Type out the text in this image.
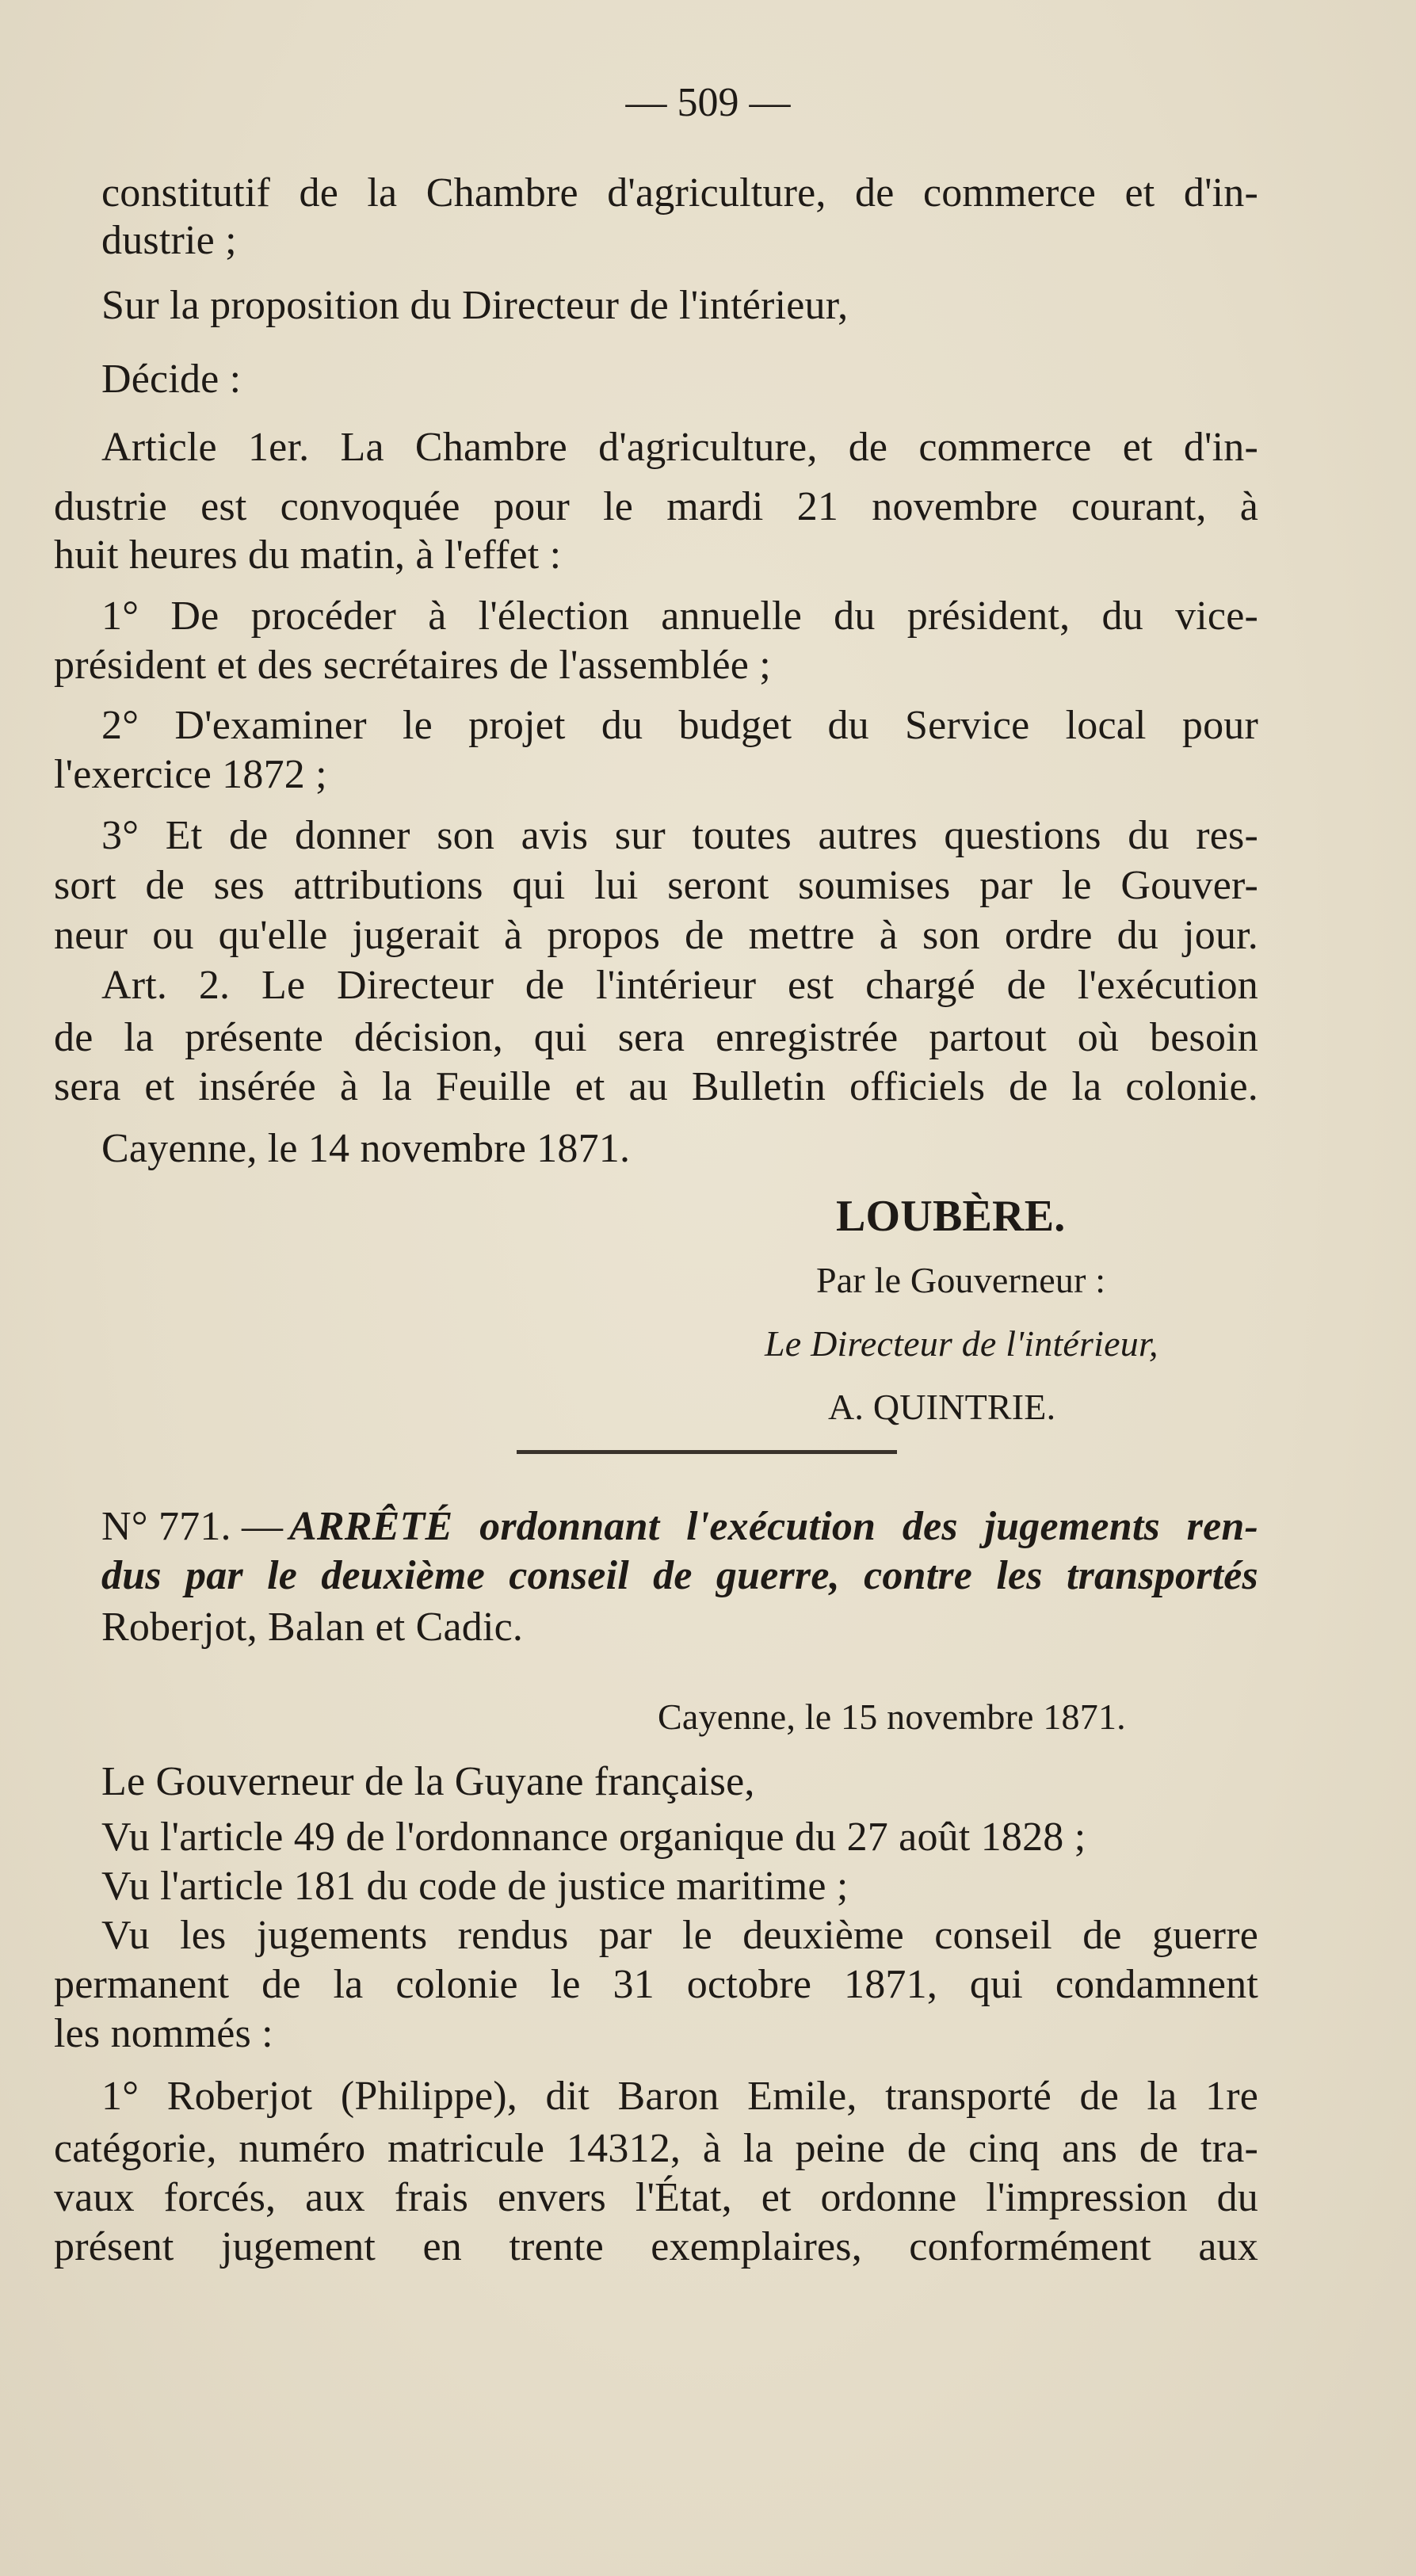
— 509 —
constitutif de la Chambre d'agriculture, de commerce et d'in-
dustrie ;
Sur la proposition du Directeur de l'intérieur,
Décide :
Article 1er. La Chambre d'agriculture, de commerce et d'in-
dustrie est convoquée pour le mardi 21 novembre courant, à
huit heures du matin, à l'effet :
1° De procéder à l'élection annuelle du président, du vice-
président et des secrétaires de l'assemblée ;
2° D'examiner le projet du budget du Service local pour
l'exercice 1872 ;
3° Et de donner son avis sur toutes autres questions du res-
sort de ses attributions qui lui seront soumises par le Gouver-
neur ou qu'elle jugerait à propos de mettre à son ordre du jour.
Art. 2. Le Directeur de l'intérieur est chargé de l'exécution
de la présente décision, qui sera enregistrée partout où besoin
sera et insérée à la Feuille et au Bulletin officiels de la colonie.
Cayenne, le 14 novembre 1871.
LOUBÈRE.
Par le Gouverneur :
Le Directeur de l'intérieur,
A. QUINTRIE.
N° 771. — ARRÊTÉ ordonnant l'exécution des jugements ren-
dus par le deuxième conseil de guerre, contre les transportés
Roberjot, Balan et Cadic.
Cayenne, le 15 novembre 1871.
Le Gouverneur de la Guyane française,
Vu l'article 49 de l'ordonnance organique du 27 août 1828 ;
Vu l'article 181 du code de justice maritime ;
Vu les jugements rendus par le deuxième conseil de guerre
permanent de la colonie le 31 octobre 1871, qui condamnent
les nommés :
1° Roberjot (Philippe), dit Baron Emile, transporté de la 1re
catégorie, numéro matricule 14312, à la peine de cinq ans de tra-
vaux forcés, aux frais envers l'État, et ordonne l'impression du
présent jugement en trente exemplaires, conformément aux
